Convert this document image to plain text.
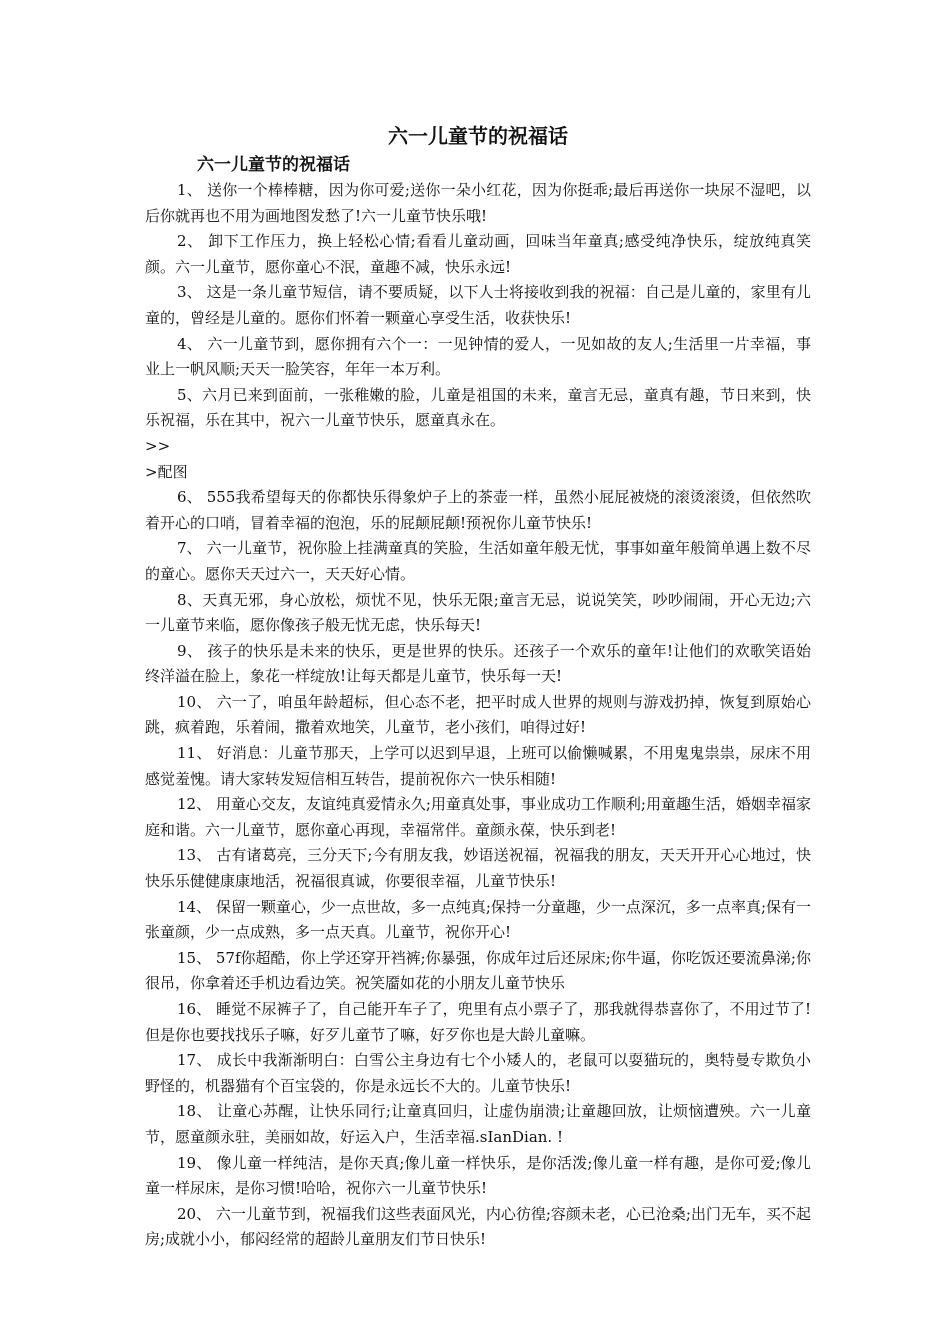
六一儿童节的祝福话
六一儿童节的祝福话

1、 送你一个棒棒糖，因为你可爱;送你一朵小红花，因为你挺乖;最后再送你一块尿不湿吧，以后你就再也不用为画地图发愁了!六一儿童节快乐哦!

2、 卸下工作压力，换上轻松心情;看看儿童动画，回味当年童真;感受纯净快乐，绽放纯真笑颜。六一儿童节，愿你童心不泯，童趣不减，快乐永远!

3、 这是一条儿童节短信，请不要质疑，以下人士将接收到我的祝福：自己是儿童的，家里有儿童的，曾经是儿童的。愿你们怀着一颗童心享受生活，收获快乐!

4、 六一儿童节到，愿你拥有六个一：一见钟情的爱人，一见如故的友人;生活里一片幸福，事业上一帆风顺;天天一脸笑容，年年一本万利。

5、六月已来到面前，一张稚嫩的脸，儿童是祖国的未来，童言无忌，童真有趣，节日来到，快乐祝福，乐在其中，祝六一儿童节快乐，愿童真永在。

>>

>配图

6、 555我希望每天的你都快乐得象炉子上的茶壶一样，虽然小屁屁被烧的滚烫滚烫，但依然吹着开心的口哨，冒着幸福的泡泡，乐的屁颠屁颠!预祝你儿童节快乐!

7、 六一儿童节，祝你脸上挂满童真的笑脸，生活如童年般无忧，事事如童年般简单遇上数不尽的童心。愿你天天过六一，天天好心情。

8、天真无邪，身心放松，烦忧不见，快乐无限;童言无忌，说说笑笑，吵吵闹闹，开心无边;六一儿童节来临，愿你像孩子般无忧无虑，快乐每天!

9、 孩子的快乐是未来的快乐，更是世界的快乐。还孩子一个欢乐的童年!让他们的欢歌笑语始终洋溢在脸上，象花一样绽放!让每天都是儿童节，快乐每一天!

10、 六一了，咱虽年龄超标，但心态不老，把平时成人世界的规则与游戏扔掉，恢复到原始心跳，疯着跑，乐着闹，撒着欢地笑，儿童节，老小孩们，咱得过好!

11、 好消息：儿童节那天，上学可以迟到早退，上班可以偷懒喊累，不用鬼鬼祟祟，尿床不用感觉羞愧。请大家转发短信相互转告，提前祝你六一快乐相随!

12、 用童心交友，友谊纯真爱情永久;用童真处事，事业成功工作顺利;用童趣生活，婚姻幸福家庭和谐。六一儿童节，愿你童心再现，幸福常伴。童颜永葆，快乐到老!

13、 古有诸葛亮，三分天下;今有朋友我，妙语送祝福，祝福我的朋友，天天开开心心地过，快快乐乐健健康康地活，祝福很真诚，你要很幸福，儿童节快乐!

14、 保留一颗童心，少一点世故，多一点纯真;保持一分童趣，少一点深沉，多一点率真;保有一张童颜，少一点成熟，多一点天真。儿童节，祝你开心!

15、 57f你超酷，你上学还穿开裆裤;你暴强，你成年过后还尿床;你牛逼，你吃饭还要流鼻涕;你很吊，你拿着还手机边看边笑。祝笑靥如花的小朋友儿童节快乐

16、 睡觉不尿裤子了，自己能开车子了，兜里有点小票子了，那我就得恭喜你了，不用过节了!但是你也要找找乐子嘛，好歹儿童节了嘛，好歹你也是大龄儿童嘛。

17、 成长中我渐渐明白：白雪公主身边有七个小矮人的，老鼠可以耍猫玩的，奥特曼专欺负小野怪的，机器猫有个百宝袋的，你是永远长不大的。儿童节快乐!

18、 让童心苏醒，让快乐同行;让童真回归，让虚伪崩溃;让童趣回放，让烦恼遭殃。六一儿童节，愿童颜永驻，美丽如故，好运入户，生活幸福.sIanDian. !

19、 像儿童一样纯洁，是你天真;像儿童一样快乐，是你活泼;像儿童一样有趣，是你可爱;像儿童一样尿床，是你习惯!哈哈，祝你六一儿童节快乐!

20、 六一儿童节到，祝福我们这些表面风光，内心彷徨;容颜未老，心已沧桑;出门无车，买不起房;成就小小，郁闷经常的超龄儿童朋友们节日快乐!
